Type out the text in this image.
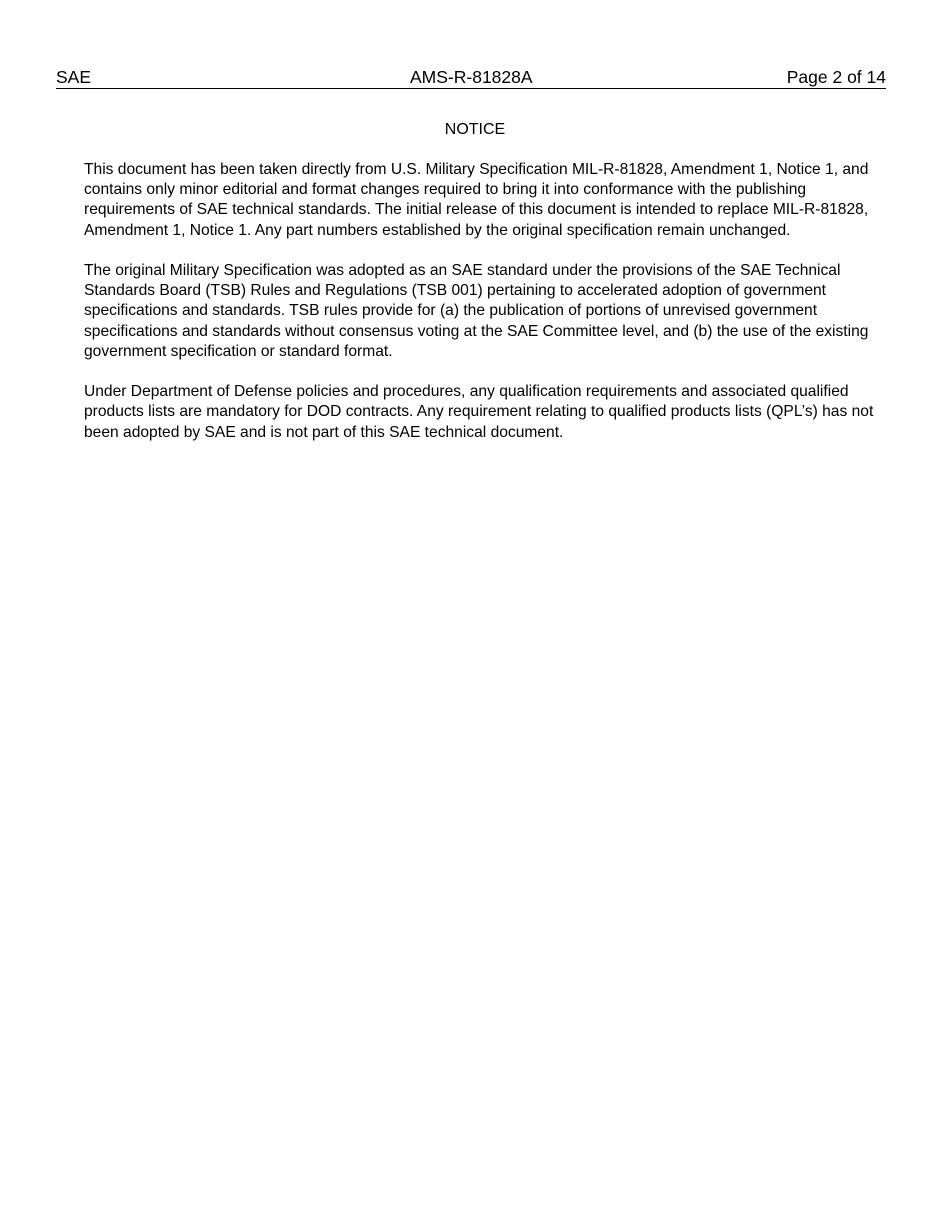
SAE	AMS-R-81828A	Page 2 of 14
NOTICE

This document has been taken directly from U.S. Military Specification MIL-R-81828, Amendment 1, Notice 1, and contains only minor editorial and format changes required to bring it into conformance with the publishing requirements of SAE technical standards. The initial release of this document is intended to replace MIL-R-81828, Amendment 1, Notice 1. Any part numbers established by the original specification remain unchanged.

The original Military Specification was adopted as an SAE standard under the provisions of the SAE Technical Standards Board (TSB) Rules and Regulations (TSB 001) pertaining to accelerated adoption of government specifications and standards. TSB rules provide for (a) the publication of portions of unrevised government specifications and standards without consensus voting at the SAE Committee level, and (b) the use of the existing government specification or standard format.

Under Department of Defense policies and procedures, any qualification requirements and associated qualified products lists are mandatory for DOD contracts. Any requirement relating to qualified products lists (QPL’s) has not been adopted by SAE and is not part of this SAE technical document.
